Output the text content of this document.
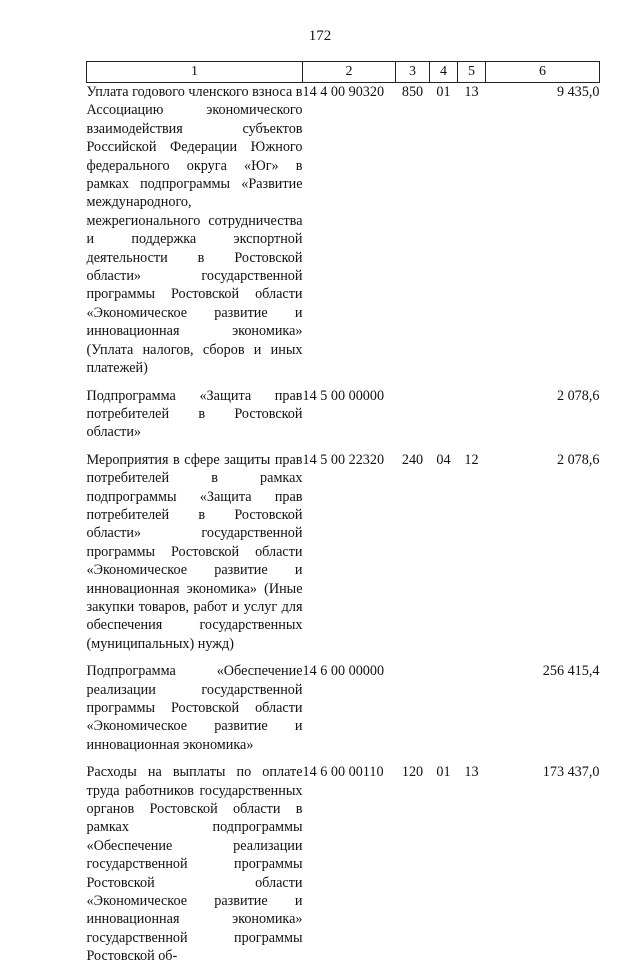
172
1	2	3	4	5	6
Уплата годового членского взноса в Ассоциацию экономического взаимодействия субъектов Российской Федерации Южного федерального округа «Юг» в рамках подпрограммы «Развитие международного, межрегионального сотрудничества и поддержка экспортной деятельности в Ростовской области» государственной программы Ростовской области «Экономическое развитие и инновационная экономика» (Уплата налогов, сборов и иных платежей)	14 4 00 90320	850	01	13	9 435,0

Подпрограмма «Защита прав потребителей в Ростовской области»	14 5 00 00000				2 078,6

Мероприятия в сфере защиты прав потребителей в рамках подпрограммы «Защита прав потребителей в Ростовской области» государственной программы Ростовской области «Экономическое развитие и инновационная экономика» (Иные закупки товаров, работ и услуг для обеспечения государственных (муниципальных) нужд)	14 5 00 22320	240	04	12	2 078,6

Подпрограмма «Обеспечение реализации государственной программы Ростовской области «Экономическое развитие и инновационная экономика»	14 6 00 00000				256 415,4

Расходы на выплаты по оплате труда работников государственных органов Ростовской области в рамках подпрограммы «Обеспечение реализации государственной программы Ростовской области «Экономическое развитие и инновационная экономика» государственной программы Ростовской об-	14 6 00 00110	120	01	13	173 437,0
